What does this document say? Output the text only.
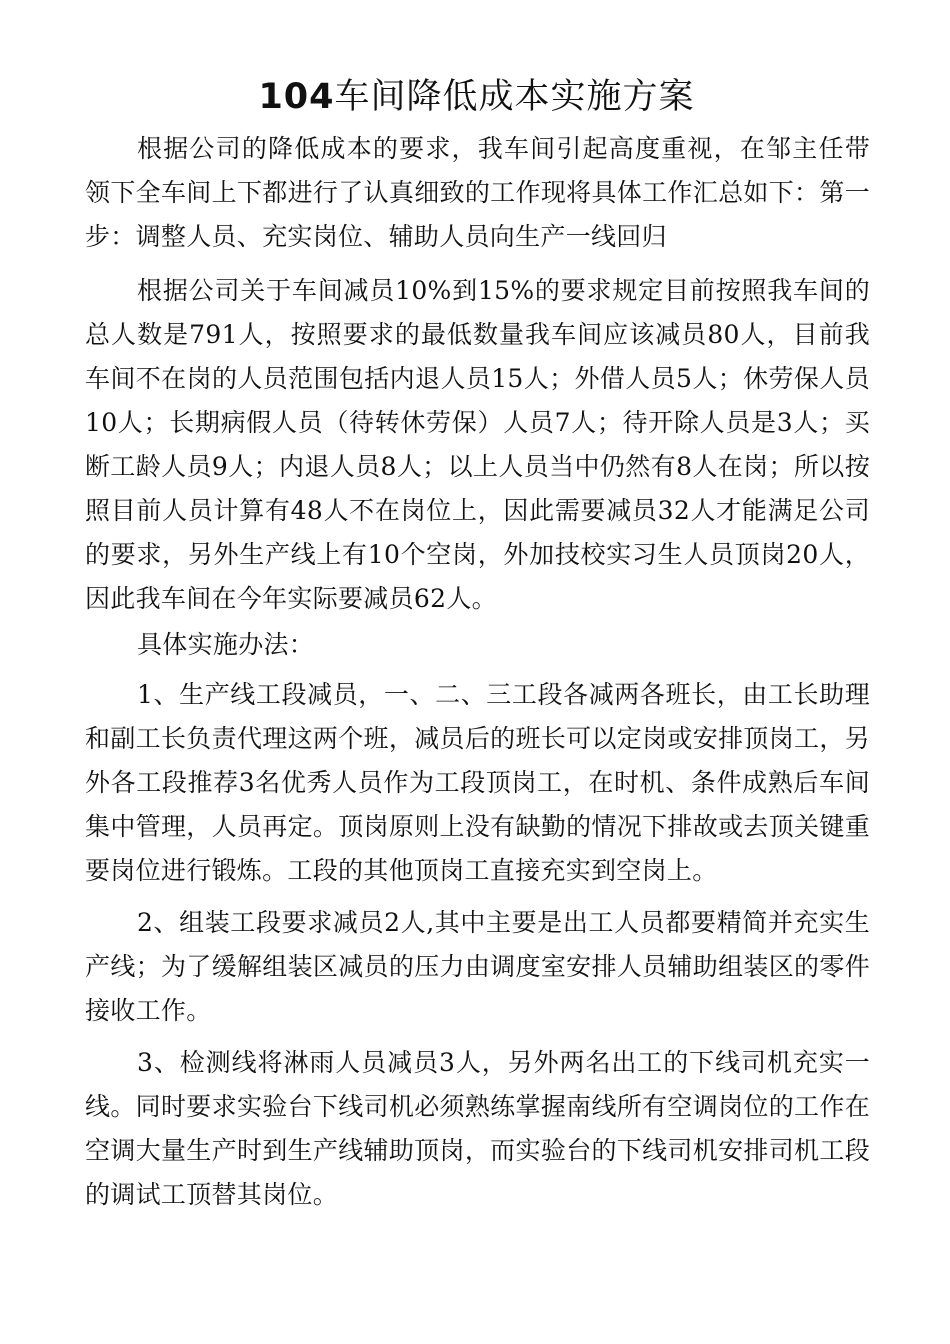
104车间降低成本实施方案

根据公司的降低成本的要求，我车间引起高度重视，在邹主任带领下全车间上下都进行了认真细致的工作现将具体工作汇总如下：第一步：调整人员、充实岗位、辅助人员向生产一线回归

根据公司关于车间减员10%到15%的要求规定目前按照我车间的总人数是791人，按照要求的最低数量我车间应该减员80人，目前我车间不在岗的人员范围包括内退人员15人；外借人员5人；休劳保人员10人；长期病假人员（待转休劳保）人员7人；待开除人员是3人；买断工龄人员9人；内退人员8人；以上人员当中仍然有8人在岗；所以按照目前人员计算有48人不在岗位上，因此需要减员32人才能满足公司的要求，另外生产线上有10个空岗，外加技校实习生人员顶岗20人，因此我车间在今年实际要减员62人。

具体实施办法：

1、生产线工段减员，一、二、三工段各减两各班长，由工长助理和副工长负责代理这两个班，减员后的班长可以定岗或安排顶岗工，另外各工段推荐3名优秀人员作为工段顶岗工，在时机、条件成熟后车间集中管理，人员再定。顶岗原则上没有缺勤的情况下排故或去顶关键重要岗位进行锻炼。工段的其他顶岗工直接充实到空岗上。

2、组装工段要求减员2人,其中主要是出工人员都要精简并充实生产线；为了缓解组装区减员的压力由调度室安排人员辅助组装区的零件接收工作。

3、检测线将淋雨人员减员3人，另外两名出工的下线司机充实一线。同时要求实验台下线司机必须熟练掌握南线所有空调岗位的工作在空调大量生产时到生产线辅助顶岗，而实验台的下线司机安排司机工段的调试工顶替其岗位。
